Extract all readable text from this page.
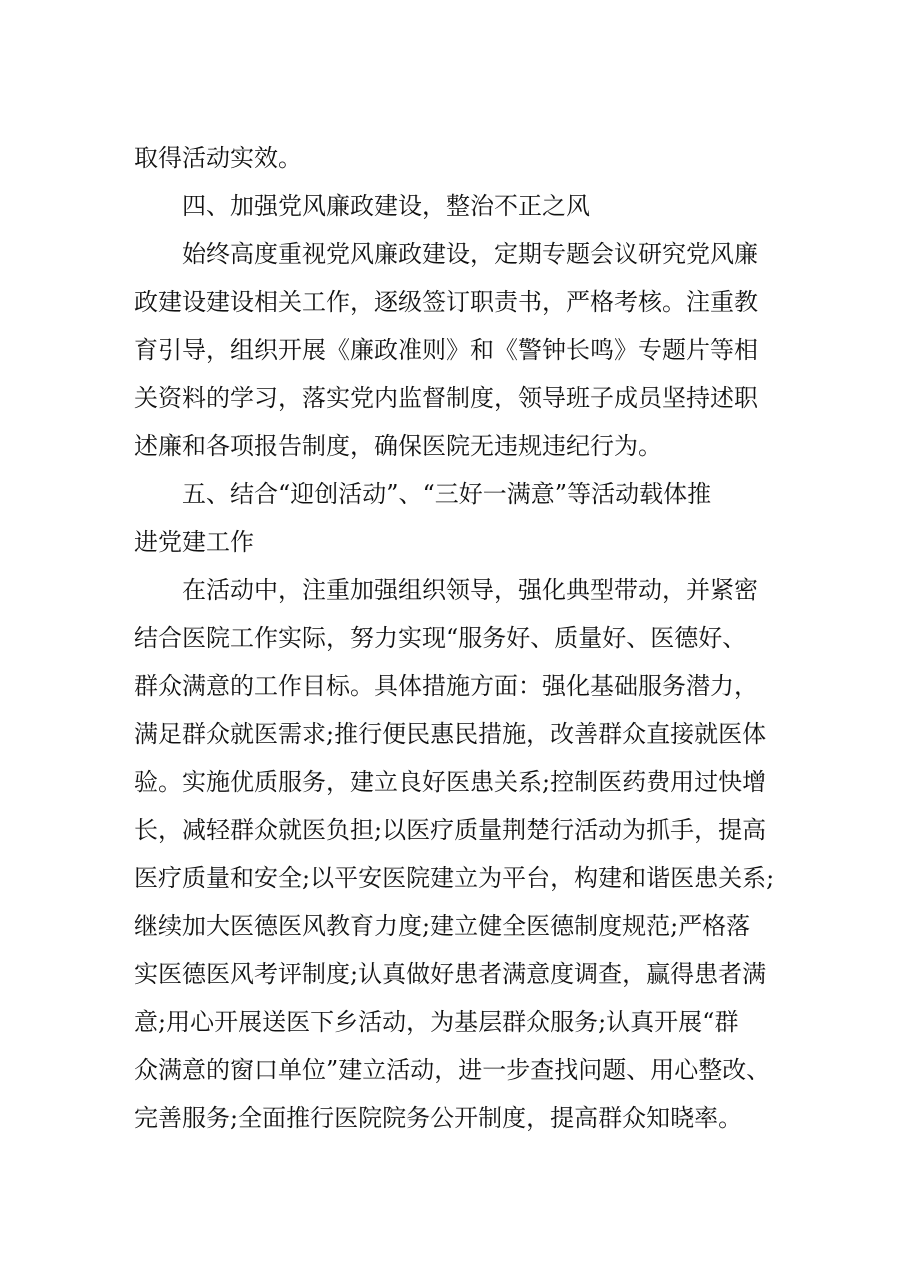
取得活动实效。
四、加强党风廉政建设，整治不正之风
始终高度重视党风廉政建设，定期专题会议研究党风廉
政建设建设相关工作，逐级签订职责书，严格考核。注重教
育引导，组织开展《廉政准则》和《警钟长鸣》专题片等相
关资料的学习，落实党内监督制度，领导班子成员坚持述职
述廉和各项报告制度，确保医院无违规违纪行为。
五、结合“迎创活动”、“三好一满意”等活动载体推
进党建工作
在活动中，注重加强组织领导，强化典型带动，并紧密
结合医院工作实际，努力实现“服务好、质量好、医德好、
群众满意的工作目标。具体措施方面：强化基础服务潜力，
满足群众就医需求;推行便民惠民措施，改善群众直接就医体
验。实施优质服务，建立良好医患关系;控制医药费用过快增
长，减轻群众就医负担;以医疗质量荆楚行活动为抓手，提高
医疗质量和安全;以平安医院建立为平台，构建和谐医患关系;
继续加大医德医风教育力度;建立健全医德制度规范;严格落
实医德医风考评制度;认真做好患者满意度调查，赢得患者满
意;用心开展送医下乡活动，为基层群众服务;认真开展“群
众满意的窗口单位”建立活动，进一步查找问题、用心整改、
完善服务;全面推行医院院务公开制度，提高群众知晓率。
